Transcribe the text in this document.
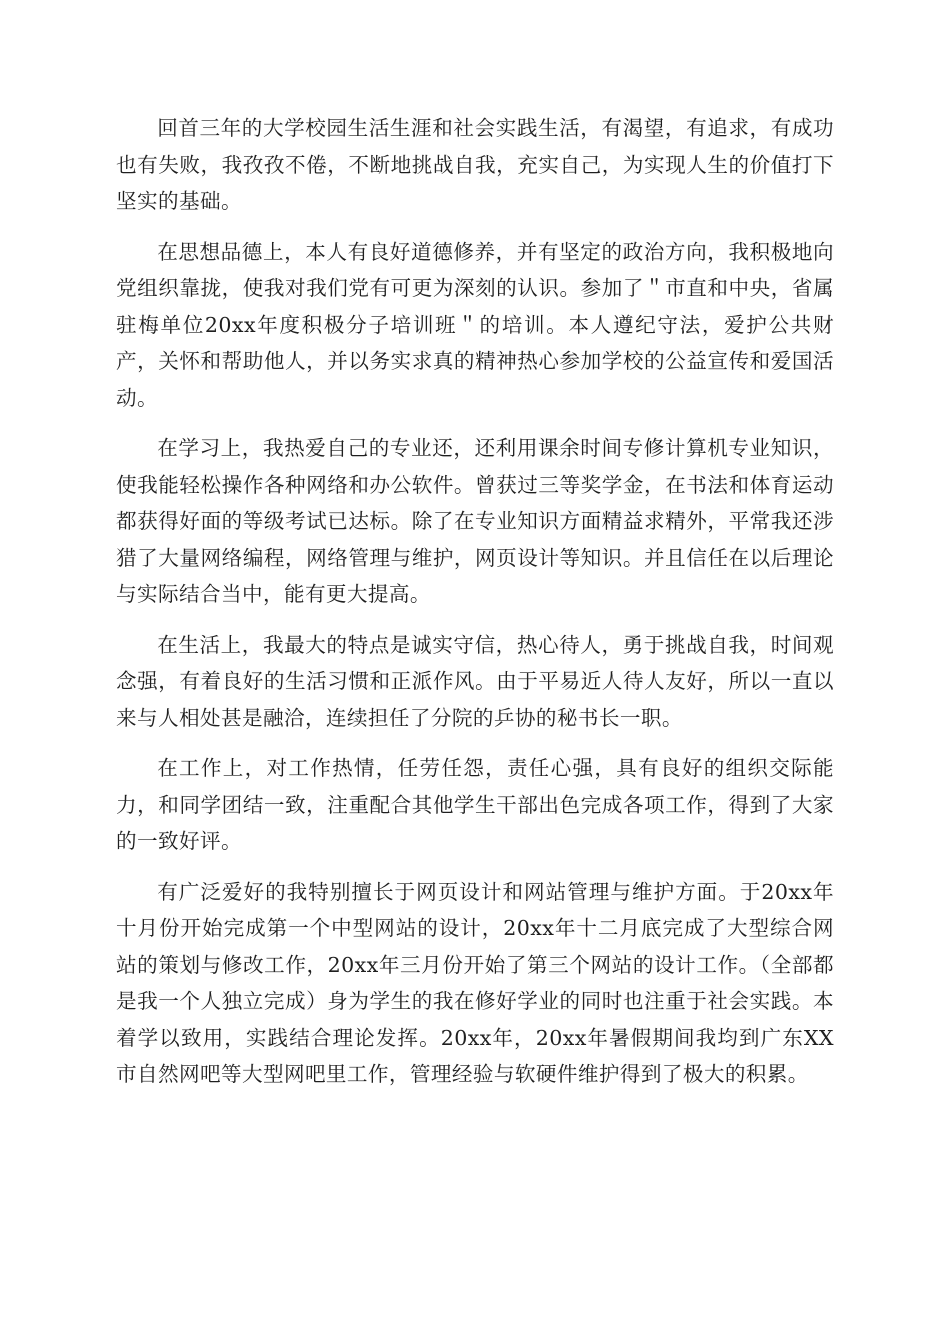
回首三年的大学校园生活生涯和社会实践生活，有渴望，有追求，有成功也有失败，我孜孜不倦，不断地挑战自我，充实自己，为实现人生的价值打下坚实的基础。

在思想品德上，本人有良好道德修养，并有坚定的政治方向，我积极地向党组织靠拢，使我对我们党有可更为深刻的认识。参加了＂市直和中央，省属驻梅单位20xx年度积极分子培训班＂的培训。本人遵纪守法，爱护公共财产，关怀和帮助他人，并以务实求真的精神热心参加学校的公益宣传和爱国活动。

在学习上，我热爱自己的专业还，还利用课余时间专修计算机专业知识，使我能轻松操作各种网络和办公软件。曾获过三等奖学金，在书法和体育运动都获得好面的等级考试已达标。除了在专业知识方面精益求精外，平常我还涉猎了大量网络编程，网络管理与维护，网页设计等知识。并且信任在以后理论与实际结合当中，能有更大提高。

在生活上，我最大的特点是诚实守信，热心待人，勇于挑战自我，时间观念强，有着良好的生活习惯和正派作风。由于平易近人待人友好，所以一直以来与人相处甚是融洽，连续担任了分院的乒协的秘书长一职。

在工作上，对工作热情，任劳任怨，责任心强，具有良好的组织交际能力，和同学团结一致，注重配合其他学生干部出色完成各项工作，得到了大家的一致好评。

有广泛爱好的我特别擅长于网页设计和网站管理与维护方面。于20xx年十月份开始完成第一个中型网站的设计，20xx年十二月底完成了大型综合网站的策划与修改工作，20xx年三月份开始了第三个网站的设计工作。（全部都是我一个人独立完成）身为学生的我在修好学业的同时也注重于社会实践。本着学以致用，实践结合理论发挥。20xx年，20xx年暑假期间我均到广东XX市自然网吧等大型网吧里工作，管理经验与软硬件维护得到了极大的积累。
